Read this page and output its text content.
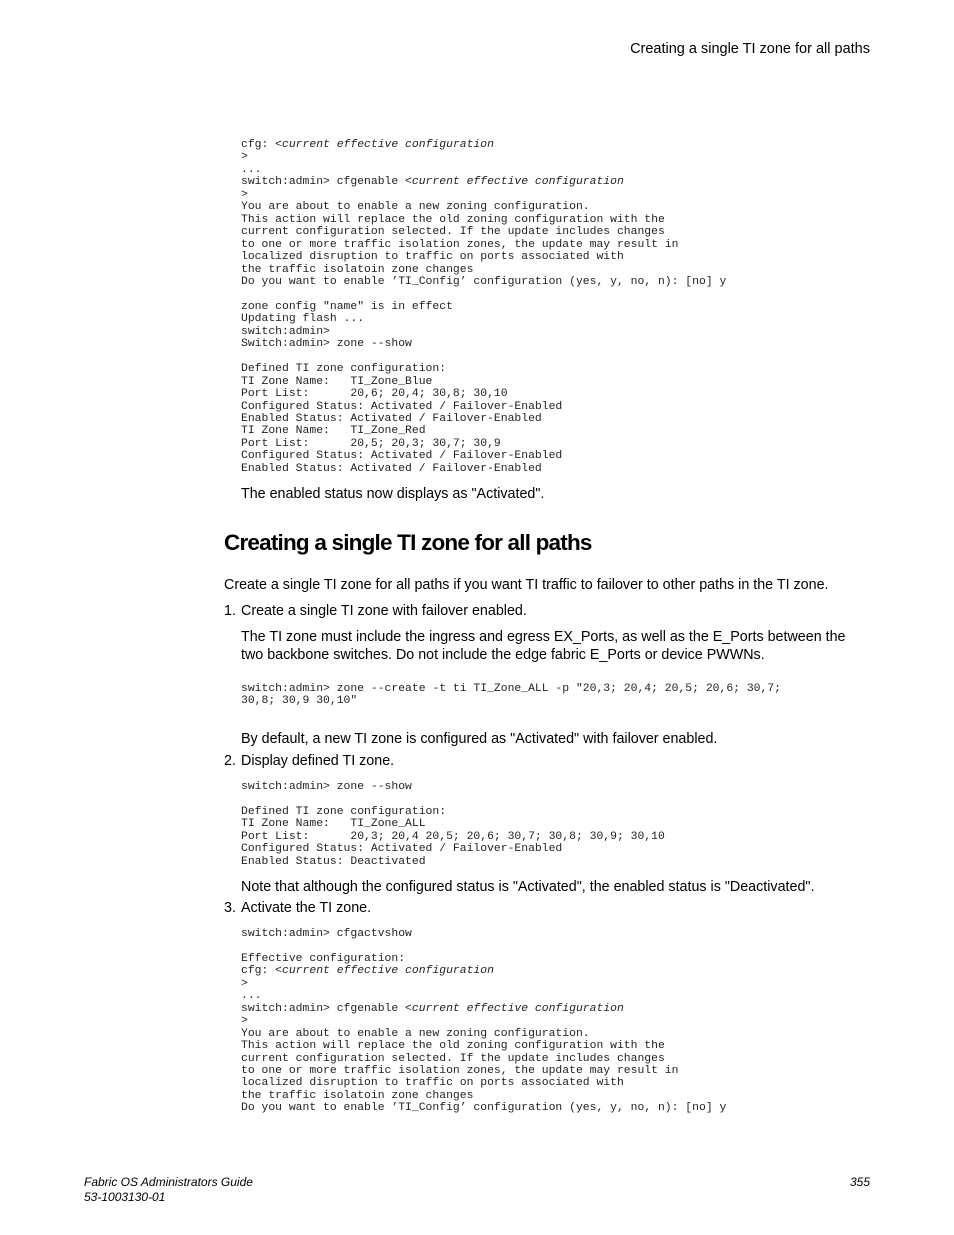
Creating a single TI zone for all paths
cfg: <current effective configuration
>
...
switch:admin> cfgenable <current effective configuration
>
You are about to enable a new zoning configuration.
This action will replace the old zoning configuration with the
current configuration selected. If the update includes changes
to one or more traffic isolation zones, the update may result in
localized disruption to traffic on ports associated with
the traffic isolatoin zone changes
Do you want to enable ’TI_Config’ configuration (yes, y, no, n): [no] y

zone config "name" is in effect
Updating flash ...
switch:admin>
Switch:admin> zone --show

Defined TI zone configuration:
TI Zone Name:   TI_Zone_Blue
Port List:      20,6; 20,4; 30,8; 30,10
Configured Status: Activated / Failover-Enabled
Enabled Status: Activated / Failover-Enabled
TI Zone Name:   TI_Zone_Red
Port List:      20,5; 20,3; 30,7; 30,9
Configured Status: Activated / Failover-Enabled
Enabled Status: Activated / Failover-Enabled

The enabled status now displays as "Activated".

Creating a single TI zone for all paths

Create a single TI zone for all paths if you want TI traffic to failover to other paths in the TI zone.

1. Create a single TI zone with failover enabled.

The TI zone must include the ingress and egress EX_Ports, as well as the E_Ports between the two backbone switches. Do not include the edge fabric E_Ports or device PWWNs.

switch:admin> zone --create -t ti TI_Zone_ALL -p "20,3; 20,4; 20,5; 20,6; 30,7;
30,8; 30,9 30,10"

By default, a new TI zone is configured as "Activated" with failover enabled.

2. Display defined TI zone.
switch:admin> zone --show

Defined TI zone configuration:
TI Zone Name:   TI_Zone_ALL
Port List:      20,3; 20,4 20,5; 20,6; 30,7; 30,8; 30,9; 30,10
Configured Status: Activated / Failover-Enabled
Enabled Status: Deactivated

Note that although the configured status is "Activated", the enabled status is "Deactivated".

3. Activate the TI zone.
switch:admin> cfgactvshow

Effective configuration:
cfg: <current effective configuration
>
...
switch:admin> cfgenable <current effective configuration
>
You are about to enable a new zoning configuration.
This action will replace the old zoning configuration with the
current configuration selected. If the update includes changes
to one or more traffic isolation zones, the update may result in
localized disruption to traffic on ports associated with
the traffic isolatoin zone changes
Do you want to enable ’TI_Config’ configuration (yes, y, no, n): [no] y
Fabric OS Administrators Guide
53-1003130-01
355
